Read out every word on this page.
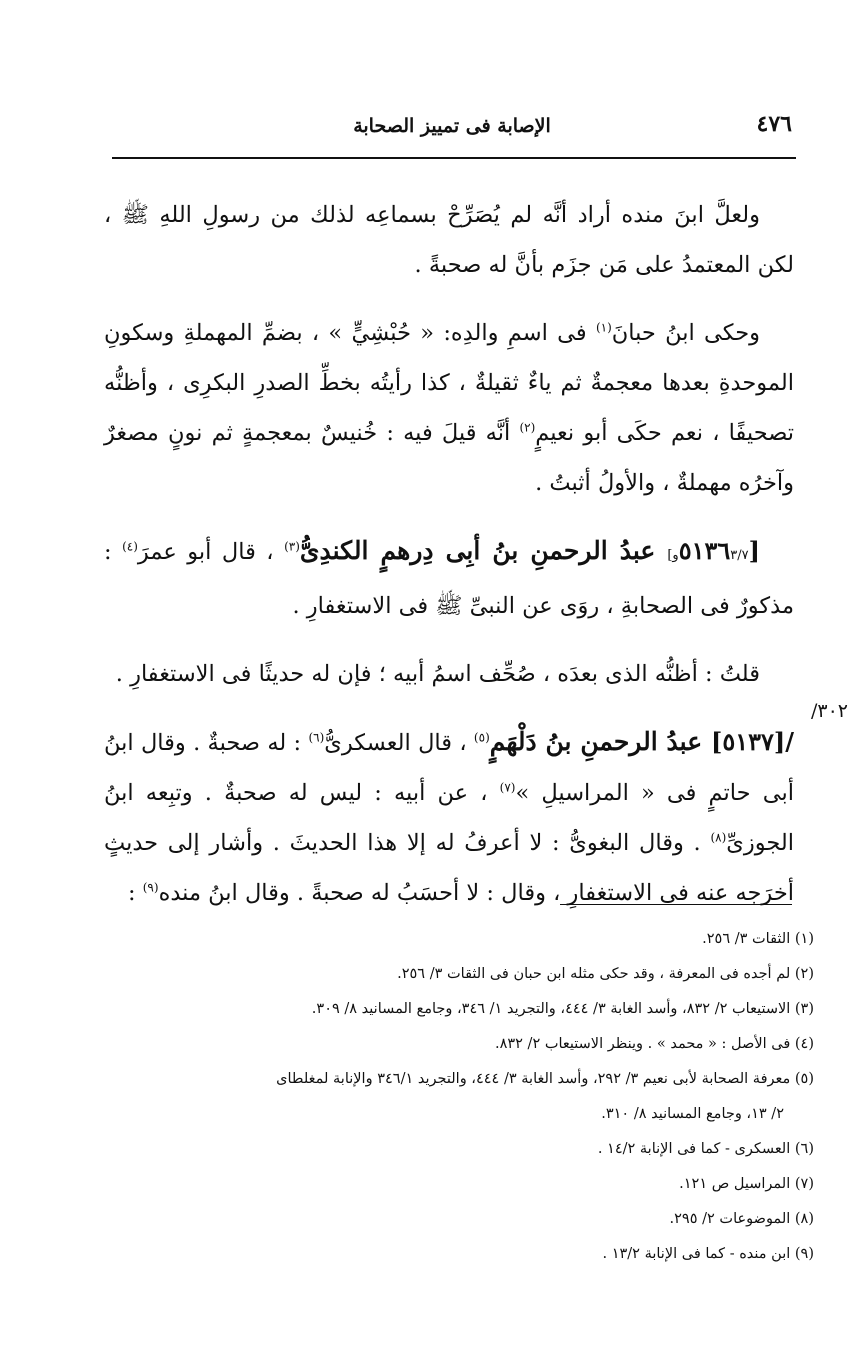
٤٧٦
الإصابة فى تمييز الصحابة
٣٠٢/

ولعلَّ ابنَ منده أراد أنَّه لم يُصَرِّحْ بسماعِه لذلك من رسولِ اللهِ ﷺ ، لكن المعتمدُ على مَن جزَم بأنَّ له صحبةً .

وحكى ابنُ حبانَ$^{(١)}$ فى اسمِ والدِه: « حُبْشِيٍّ » ، بضمِّ المهملةِ وسكونِ الموحدةِ بعدها معجمةٌ ثم ياءٌ ثقيلةٌ ، كذا رأيتُه بخطِّ الصدرِ البكرِى ، وأظنُّه تصحيفًا ، نعم حكَى أبو نعيمٍ$^{(٢)}$ أنَّه قيلَ فيه : خُنيسٌ بمعجمةٍ ثم نونٍ مصغرٌ وآخرُه مهملةٌ ، والأولُ أثبتُ .

[٥١٣٦٣/٧و] عبدُ الرحمنِ بنُ أبِى دِرهمٍ الكندِىُّ$^{(٣)}$ ، قال أبو عمرَ$^{(٤)}$ : مذكورٌ فى الصحابةِ ، روَى عن النبىِّ ﷺ فى الاستغفارِ .

قلتُ : أظنُّه الذى بعدَه ، صُحِّف اسمُ أبيه ؛ فإن له حديثًا فى الاستغفارِ .

/[٥١٣٧] عبدُ الرحمنِ بنُ دَلْهَمٍ$^{(٥)}$ ، قال العسكرىُّ$^{(٦)}$ : له صحبةٌ . وقال ابنُ أبى حاتمٍ فى « المراسيلِ »$^{(٧)}$ ، عن أبيه : ليس له صحبةٌ . وتبِعه ابنُ الجوزىِّ$^{(٨)}$ . وقال البغوىُّ : لا أعرفُ له إلا هذا الحديثَ . وأشار إلى حديثٍ أخرَجه عنه فى الاستغفارِ ، وقال : لا أحسَبُ له صحبةً . وقال ابنُ منده$^{(٩)}$ :

(١) الثقات ٣/ ٢٥٦.

(٢) لم أجده فى المعرفة ، وقد حكى مثله ابن حبان فى الثقات ٣/ ٢٥٦.

(٣) الاستيعاب ٢/ ٨٣٢، وأسد الغابة ٣/ ٤٤٤، والتجريد ١/ ٣٤٦، وجامع المسانيد ٨/ ٣٠٩.

(٤) فى الأصل : « محمد » . وينظر الاستيعاب ٢/ ٨٣٢.

(٥) معرفة الصحابة لأبى نعيم ٣/ ٢٩٢، وأسد الغابة ٣/ ٤٤٤، والتجريد ٣٤٦/١ والإنابة لمغلطاى

٢/ ١٣، وجامع المسانيد ٨/ ٣١٠.

(٦) العسكرى - كما فى الإنابة ١٤/٢ .

(٧) المراسيل ص ١٢١.

(٨) الموضوعات ٢/ ٢٩٥.

(٩) ابن منده - كما فى الإنابة ١٣/٢ .
